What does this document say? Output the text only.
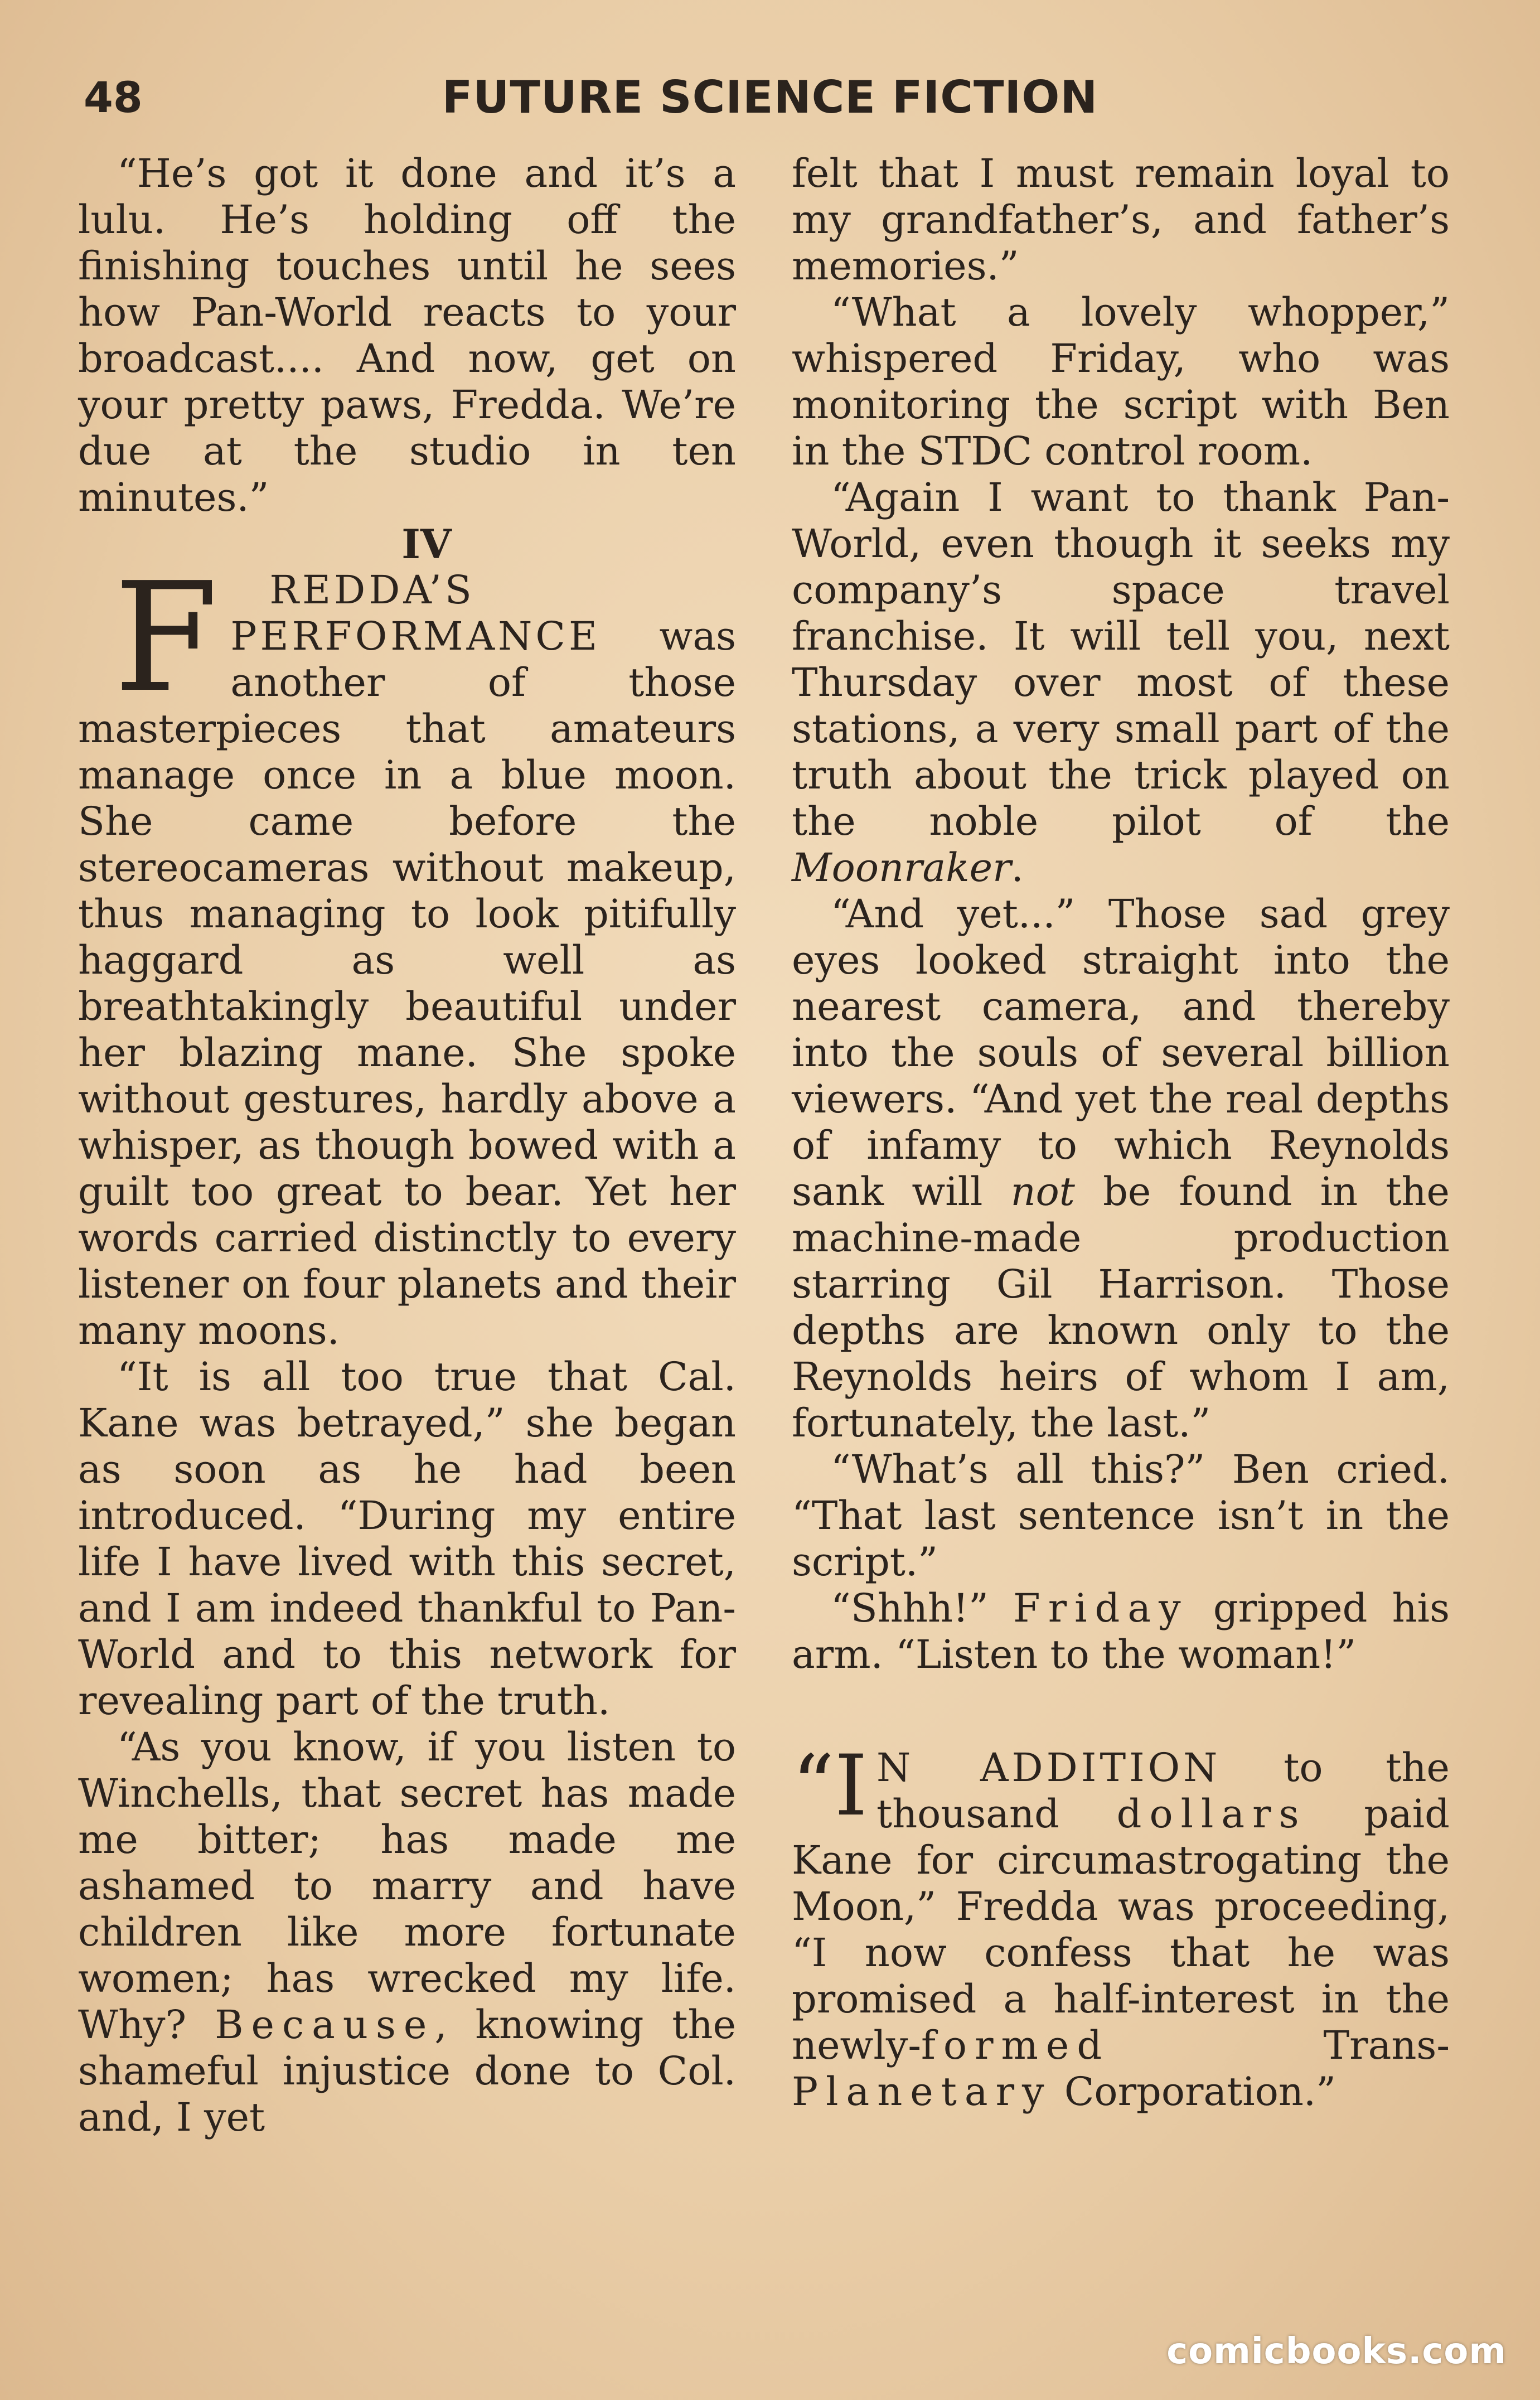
48	FUTURE SCIENCE FICTION

“He’s got it done and it’s a lulu. He’s holding off the finishing touches until he sees how Pan-World reacts to your broadcast.... And now, get on your pretty paws, Fredda. We’re due at the studio in ten minutes.”

IV

F REDDA’S PERFORMANCE was another of those masterpieces that amateurs manage once in a blue moon. She came before the stereocameras without makeup, thus managing to look pitifully haggard as well as breathtakingly beautiful under her blazing mane. She spoke without gestures, hardly above a whisper, as though bowed with a guilt too great to bear. Yet her words carried distinctly to every listener on four planets and their many moons.

“It is all too true that Cal. Kane was betrayed,” she began as soon as he had been introduced. “During my entire life I have lived with this secret, and I am indeed thankful to Pan-World and to this network for revealing part of the truth.

“As you know, if you listen to Winchells, that secret has made me bitter; has made me ashamed to marry and have children like more fortunate women; has wrecked my life. Why? Because, knowing the shameful injustice done to Col. and, I yet

felt that I must remain loyal to my grandfather’s, and father’s memories.”

“What a lovely whopper,” whispered Friday, who was monitoring the script with Ben in the STDC control room.

“Again I want to thank Pan-World, even though it seeks my company’s space travel franchise. It will tell you, next Thursday over most of these stations, a very small part of the truth about the trick played on the noble pilot of the Moonraker.

“And yet...” Those sad grey eyes looked straight into the nearest camera, and thereby into the souls of several billion viewers. “And yet the real depths of infamy to which Reynolds sank will not be found in the machine-made production starring Gil Harrison. Those depths are known only to the Reynolds heirs of whom I am, fortunately, the last.”

“What’s all this?” Ben cried. “That last sentence isn’t in the script.”

“Shhh!” Friday gripped his arm. “Listen to the woman!”

“I N ADDITION to the thousand dollars paid Kane for circumastrogating the Moon,” Fredda was proceeding, “I now confess that he was promised a half-interest in the newly-formed Trans-Planetary Corporation.”

comicbooks.com
